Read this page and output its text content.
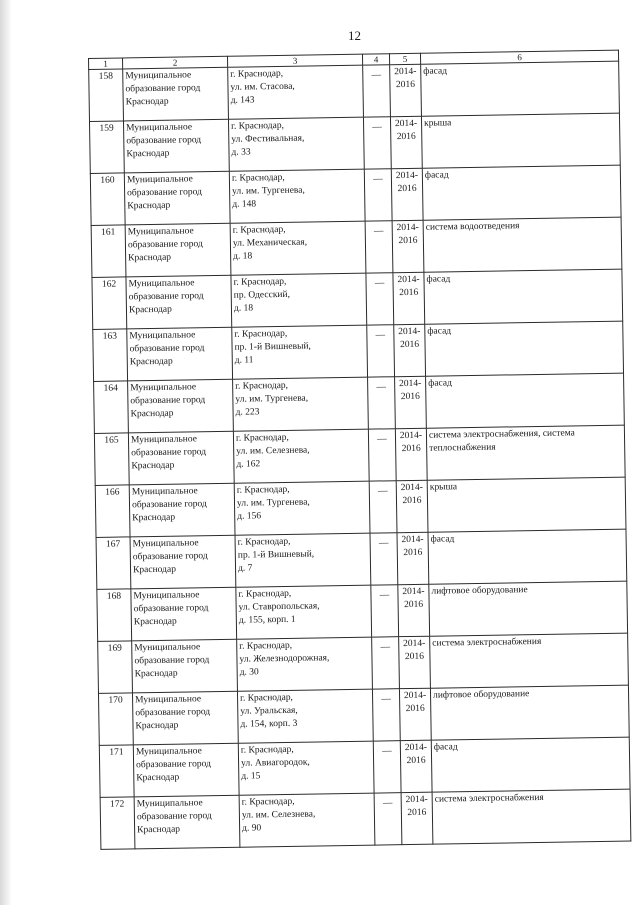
12
1	2	3	4	5	6
158	Муниципальное
образование город
Краснодар	г. Краснодар,
ул. им. Стасова,
д. 143	—	2014-
2016	фасад
159	Муниципальное
образование город
Краснодар	г. Краснодар,
ул. Фестивальная,
д. 33	—	2014-
2016	крыша
160	Муниципальное
образование город
Краснодар	г. Краснодар,
ул. им. Тургенева,
д. 148	—	2014-
2016	фасад
161	Муниципальное
образование город
Краснодар	г. Краснодар,
ул. Механическая,
д. 18	—	2014-
2016	система водоотведения
162	Муниципальное
образование город
Краснодар	г. Краснодар,
пр. Одесский,
д. 18	—	2014-
2016	фасад
163	Муниципальное
образование город
Краснодар	г. Краснодар,
пр. 1-й Вишневый,
д. 11	—	2014-
2016	фасад
164	Муниципальное
образование город
Краснодар	г. Краснодар,
ул. им. Тургенева,
д. 223	—	2014-
2016	фасад
165	Муниципальное
образование город
Краснодар	г. Краснодар,
ул. им. Селезнева,
д. 162	—	2014-
2016	система электроснабжения, система теплоснабжения
166	Муниципальное
образование город
Краснодар	г. Краснодар,
ул. им. Тургенева,
д. 156	—	2014-
2016	крыша
167	Муниципальное
образование город
Краснодар	г. Краснодар,
пр. 1-й Вишневый,
д. 7	—	2014-
2016	фасад
168	Муниципальное
образование город
Краснодар	г. Краснодар,
ул. Ставропольская,
д. 155, корп. 1	—	2014-
2016	лифтовое оборудование
169	Муниципальное
образование город
Краснодар	г. Краснодар,
ул. Железнодорожная,
д. 30	—	2014-
2016	система электроснабжения
170	Муниципальное
образование город
Краснодар	г. Краснодар,
ул. Уральская,
д. 154, корп. 3	—	2014-
2016	лифтовое оборудование
171	Муниципальное
образование город
Краснодар	г. Краснодар,
ул. Авиагородок,
д. 15	—	2014-
2016	фасад
172	Муниципальное
образование город
Краснодар	г. Краснодар,
ул. им. Селезнева,
д. 90	—	2014-
2016	система электроснабжения
